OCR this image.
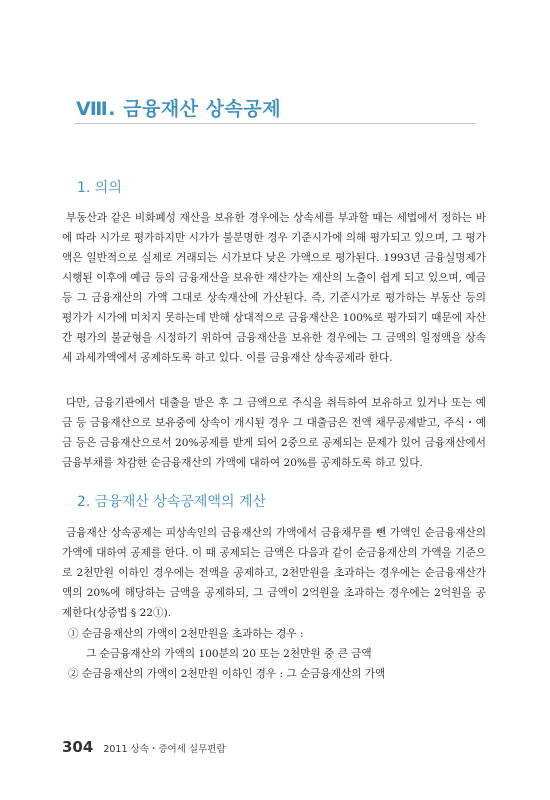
Ⅷ. 금융재산 상속공제
1. 의의

부동산과 같은 비화폐성 재산을 보유한 경우에는 상속세를 부과할 때는 세법에서 정하는 바에 따라 시가로 평가하지만 시가가 불분명한 경우 기준시가에 의해 평가되고 있으며, 그 평가액은 일반적으로 실제로 거래되는 시가보다 낮은 가액으로 평가된다. 1993년 금융실명제가 시행된 이후에 예금 등의 금융재산을 보유한 재산가는 재산의 노출이 쉽게 되고 있으며, 예금 등 그 금융재산의 가액 그대로 상속재산에 가산된다. 즉, 기준시가로 평가하는 부동산 등의 평가가 시가에 미치지 못하는데 반해 상대적으로 금융재산은 100%로 평가되기 때문에 자산간 평가의 불균형을 시정하기 위하여 금융재산을 보유한 경우에는 그 금액의 일정액을 상속세 과세가액에서 공제하도록 하고 있다. 이를 금융재산 상속공제라 한다.

다만, 금융기관에서 대출을 받은 후 그 금액으로 주식을 취득하여 보유하고 있거나 또는 예금 등 금융재산으로 보유중에 상속이 개시된 경우 그 대출금은 전액 채무공제받고, 주식・예금 등은 금융재산으로서 20%공제를 받게 되어 2중으로 공제되는 문제가 있어 금융재산에서 금융부채를 차감한 순금융재산의 가액에 대하여 20%를 공제하도록 하고 있다.

2. 금융재산 상속공제액의 계산

금융재산 상속공제는 피상속인의 금융재산의 가액에서 금융채무를 뺀 가액인 순금융재산의 가액에 대하여 공제를 한다. 이 때 공제되는 금액은 다음과 같이 순금융재산의 가액을 기준으로 2천만원 이하인 경우에는 전액을 공제하고, 2천만원을 초과하는 경우에는 순금융재산가액의 20%에 해당하는 금액을 공제하되, 그 금액이 2억원을 초과하는 경우에는 2억원을 공제한다(상증법 § 22①).

① 순금융재산의 가액이 2천만원을 초과하는 경우 :
그 순금융재산의 가액의 100분의 20 또는 2천만원 중 큰 금액
② 순금융재산의 가액이 2천만원 이하인 경우 : 그 순금융재산의 가액
304 2011 상속・증여세 실무편람
